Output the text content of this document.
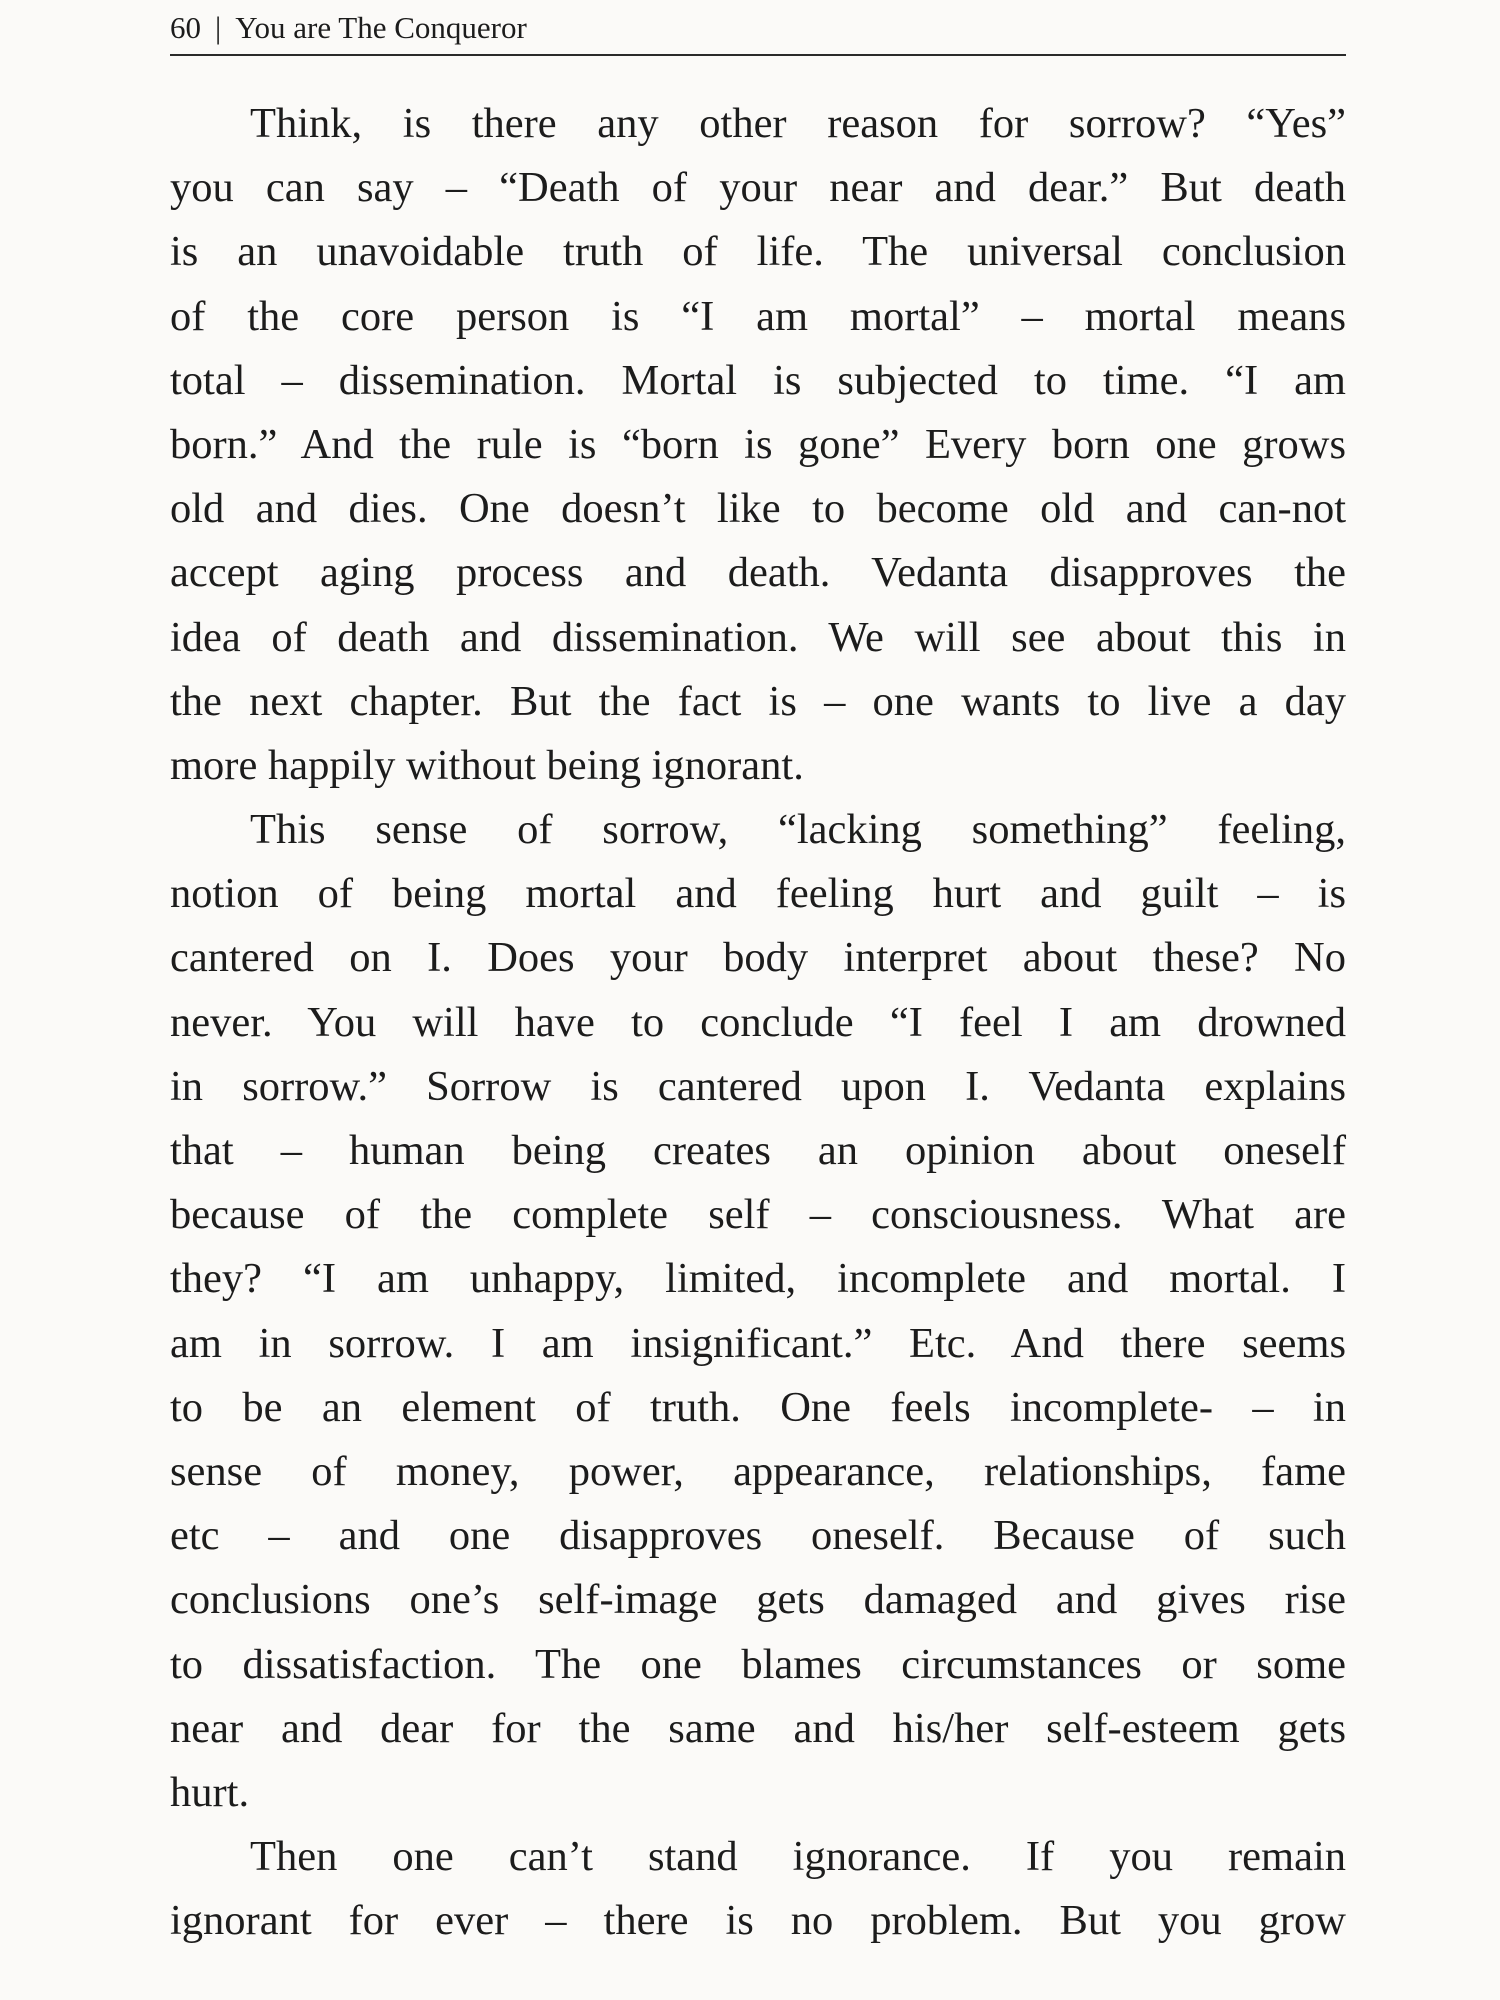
60 | You are The Conqueror
Think, is there any other reason for sorrow? “Yes”
you can say – “Death of your near and dear.” But death
is an unavoidable truth of life. The universal conclusion
of the core person is “I am mortal” – mortal means
total – dissemination. Mortal is subjected to time. “I am
born.” And the rule is “born is gone” Every born one grows
old and dies. One doesn’t like to become old and can-not
accept aging process and death. Vedanta disapproves the
idea of death and dissemination. We will see about this in
the next chapter. But the fact is – one wants to live a day
more happily without being ignorant.
This sense of sorrow, “lacking something” feeling,
notion of being mortal and feeling hurt and guilt – is
cantered on I. Does your body interpret about these? No
never. You will have to conclude “I feel I am drowned
in sorrow.” Sorrow is cantered upon I. Vedanta explains
that – human being creates an opinion about oneself
because of the complete self – consciousness. What are
they? “I am unhappy, limited, incomplete and mortal. I
am in sorrow. I am insignificant.” Etc. And there seems
to be an element of truth. One feels incomplete- – in
sense of money, power, appearance, relationships, fame
etc – and one disapproves oneself. Because of such
conclusions one’s self-image gets damaged and gives rise
to dissatisfaction. The one blames circumstances or some
near and dear for the same and his/her self-esteem gets
hurt.
Then one can’t stand ignorance. If you remain
ignorant for ever – there is no problem. But you grow
